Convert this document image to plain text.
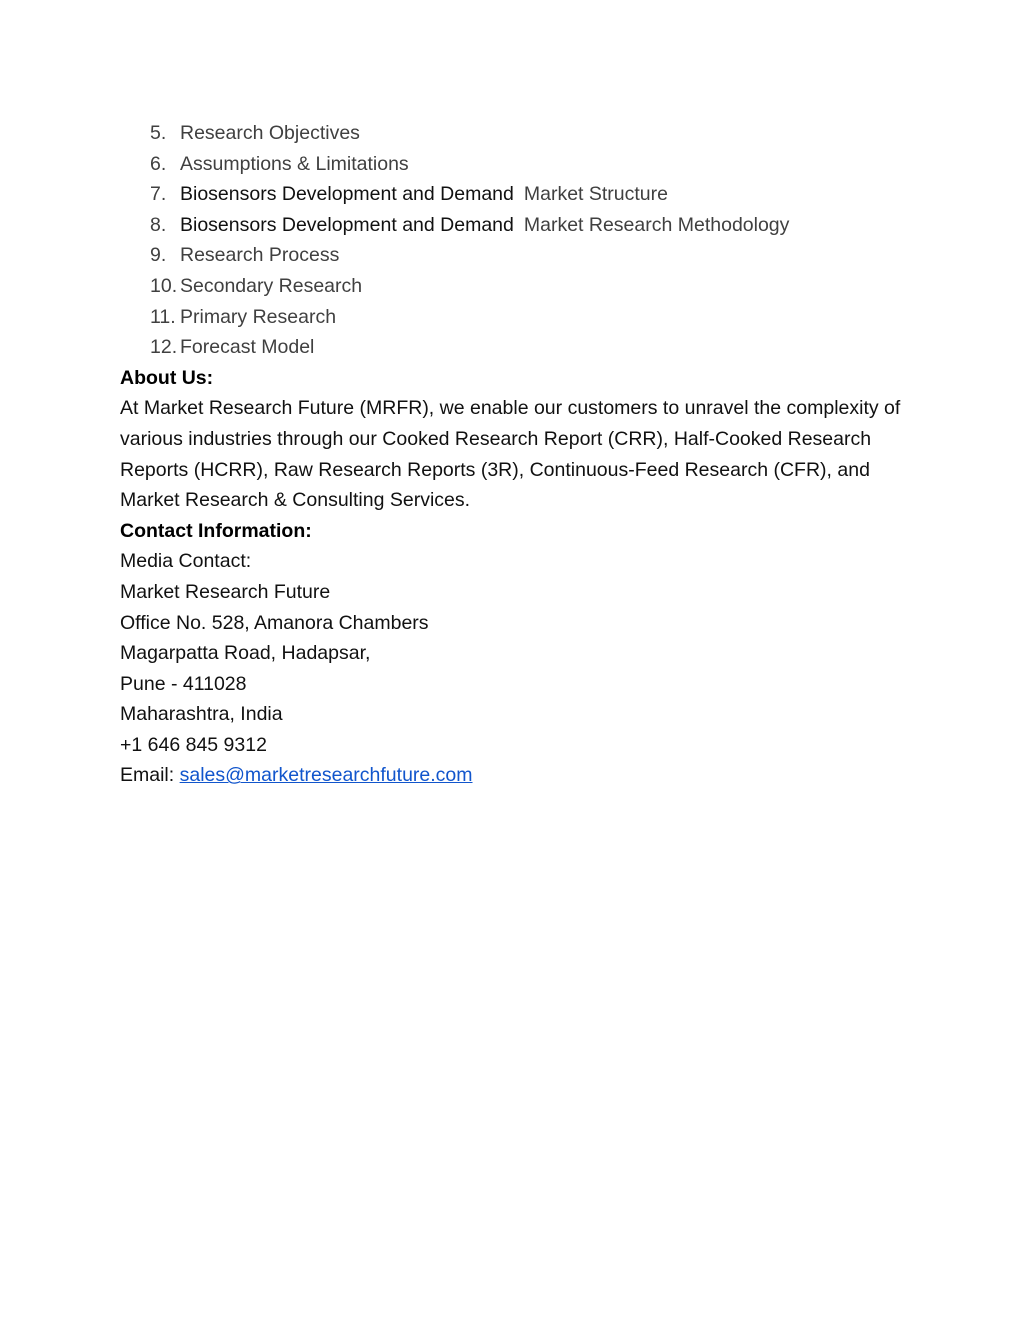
5. Research Objectives
6. Assumptions & Limitations
7. Biosensors Development and Demand Market Structure
8. Biosensors Development and Demand Market Research Methodology
9. Research Process
10. Secondary Research
11. Primary Research
12. Forecast Model
About Us:

At Market Research Future (MRFR), we enable our customers to unravel the complexity of various industries through our Cooked Research Report (CRR), Half-Cooked Research Reports (HCRR), Raw Research Reports (3R), Continuous-Feed Research (CFR), and Market Research & Consulting Services.

Contact Information:
Media Contact:
Market Research Future
Office No. 528, Amanora Chambers
Magarpatta Road, Hadapsar,
Pune - 411028
Maharashtra, India
+1 646 845 9312
Email: sales@marketresearchfuture.com
